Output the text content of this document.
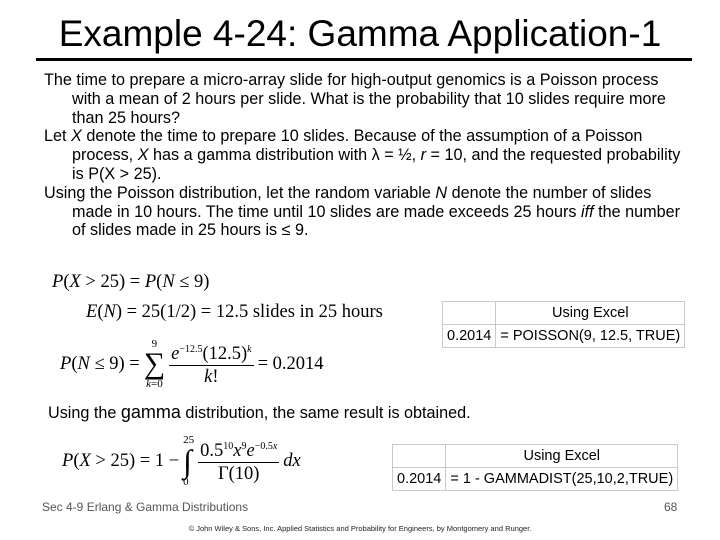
Example 4-24: Gamma Application-1

The time to prepare a micro-array slide for high-output genomics is a Poisson process with a mean of 2 hours per slide. What is the probability that 10 slides require more than 25 hours?

Let X denote the time to prepare 10 slides. Because of the assumption of a Poisson process, X has a gamma distribution with λ = ½, r = 10, and the requested probability is P(X > 25).

Using the Poisson distribution, let the random variable N denote the number of slides made in 10 hours. The time until 10 slides are made exceeds 25 hours iff the number of slides made in 25 hours is ≤ 9.

P(X > 25) = P(N ≤ 9)
E(N) = 25(1/2) = 12.5 slides in 25 hours
P(N ≤ 9) =
9
∑
$k=0 \frac{e^{-12.5}(12.5)^k}{k!} = 0.2014$
	Using Excel
0.2014	= POISSON(9, 12.5, TRUE)
Using the gamma distribution, the same result is obtained.
P(X > 25) = 1 −
25
∫
$0 \frac{0.5^{10}x^9e^{-0.5x}}{\Gamma(10)}$ dx
		Using Excel
0.2014	= 1 - GAMMADIST(25,10,2,TRUE)
Sec 4-9 Erlang & Gamma Distributions	68
© John Wiley & Sons, Inc. Applied Statistics and Probability for Engineers, by Montgomery and Runger.
